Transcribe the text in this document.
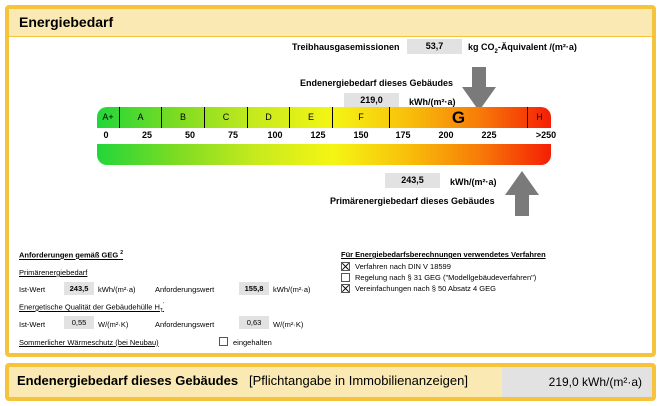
Energiebedarf
Treibhausgasemissionen	53,7	kg $CO_2$-Äquivalent /(m²·a)
Endenergiebedarf dieses Gebäudes
219,0	kWh/(m²·a)
A+	A	B	C	D	E	F	G	H
0	25	50	75	100	125	150	175	200	225	>250
243,5	kWh/(m²·a)
Primärenergiebedarf dieses Gebäudes
Anforderungen gemäß GEG $^2$
Primärenergiebedarf
Ist-Wert	243,5	kWh/(m²·a)	Anforderungswert	155,8	kWh/(m²·a)
Energetische Qualität der Gebäudehülle $H_T'$
Ist-Wert	0,55	W/(m²·K)	Anforderungswert	0,63	W/(m²·K)
Sommerlicher Wärmeschutz (bei Neubau)	eingehalten
Für Energiebedarfsberechnungen verwendetes Verfahren
Verfahren nach DIN V 18599
Regelung nach § 31 GEG ("Modellgebäudeverfahren")
Vereinfachungen nach § 50 Absatz 4 GEG
Endenergiebedarf dieses Gebäudes [Pflichtangabe in Immobilienanzeigen]	219,0 kWh/(m²·a)
